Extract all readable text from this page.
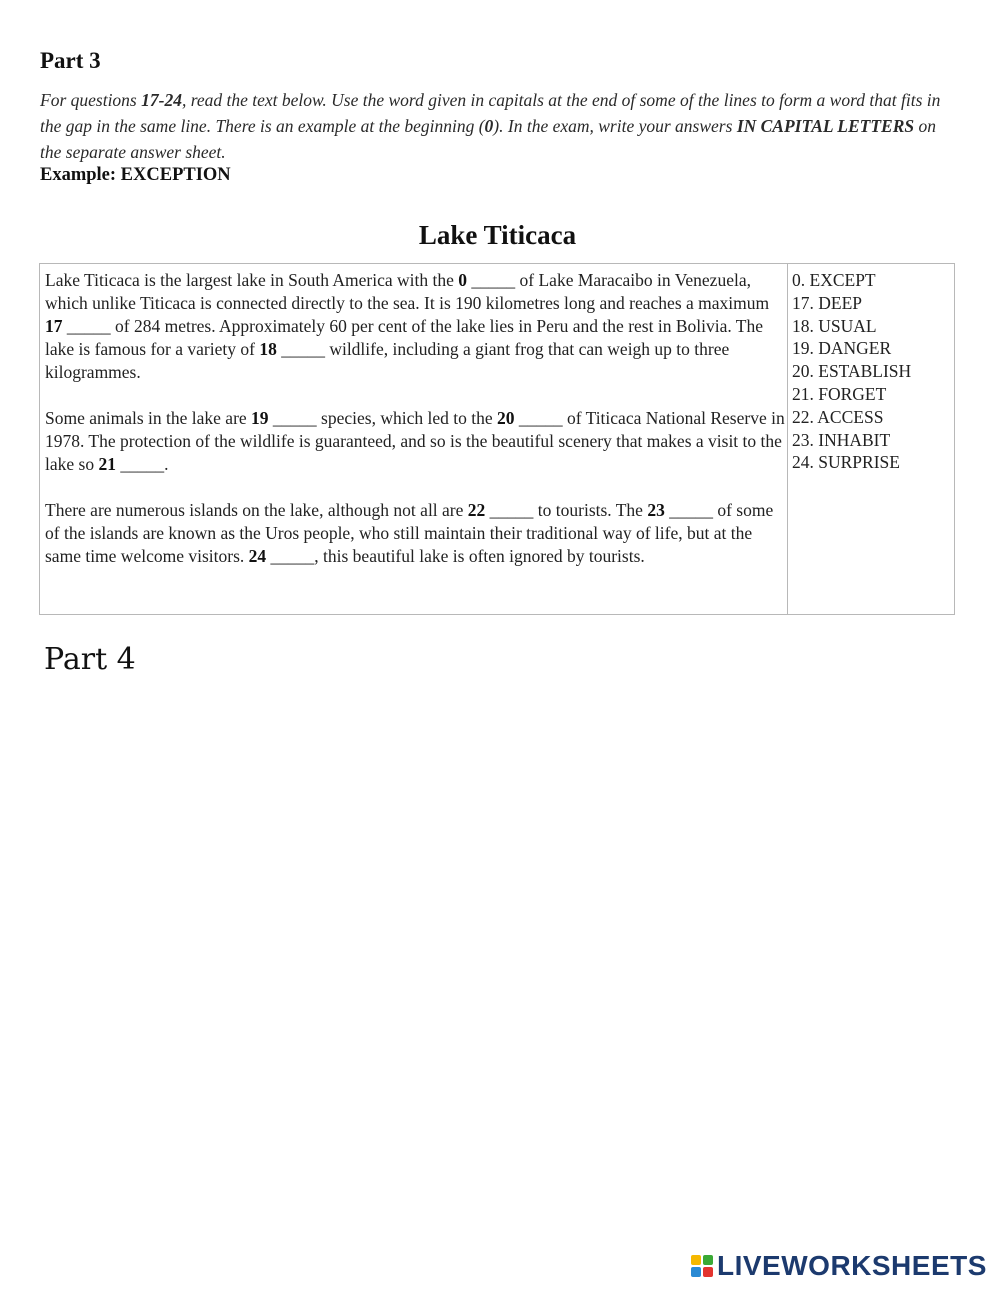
Part 3
For questions 17-24, read the text below. Use the word given in capitals at the end of some of the lines to form a word that fits in the gap in the same line. There is an example at the beginning (0). In the exam, write your answers IN CAPITAL LETTERS on the separate answer sheet.
Example: EXCEPTION
Lake Titicaca

Lake Titicaca is the largest lake in South America with the 0 _____ of Lake Maracaibo in Venezuela, which unlike Titicaca is connected directly to the sea. It is 190 kilometres long and reaches a maximum 17 _____ of 284 metres. Approximately 60 per cent of the lake lies in Peru and the rest in Bolivia. The lake is famous for a variety of 18 _____ wildlife, including a giant frog that can weigh up to three kilogrammes.

Some animals in the lake are 19 _____ species, which led to the 20 _____ of Titicaca National Reserve in 1978. The protection of the wildlife is guaranteed, and so is the beautiful scenery that makes a visit to the lake so 21 _____.

There are numerous islands on the lake, although not all are 22 _____ to tourists. The 23 _____ of some of the islands are known as the Uros people, who still maintain their traditional way of life, but at the same time welcome visitors. 24 _____, this beautiful lake is often ignored by tourists.

0. EXCEPT
17. DEEP
18. USUAL
19. DANGER
20. ESTABLISH
21. FORGET
22. ACCESS
23. INHABIT
24. SURPRISE
Part 4
LIVEWORKSHEETS
